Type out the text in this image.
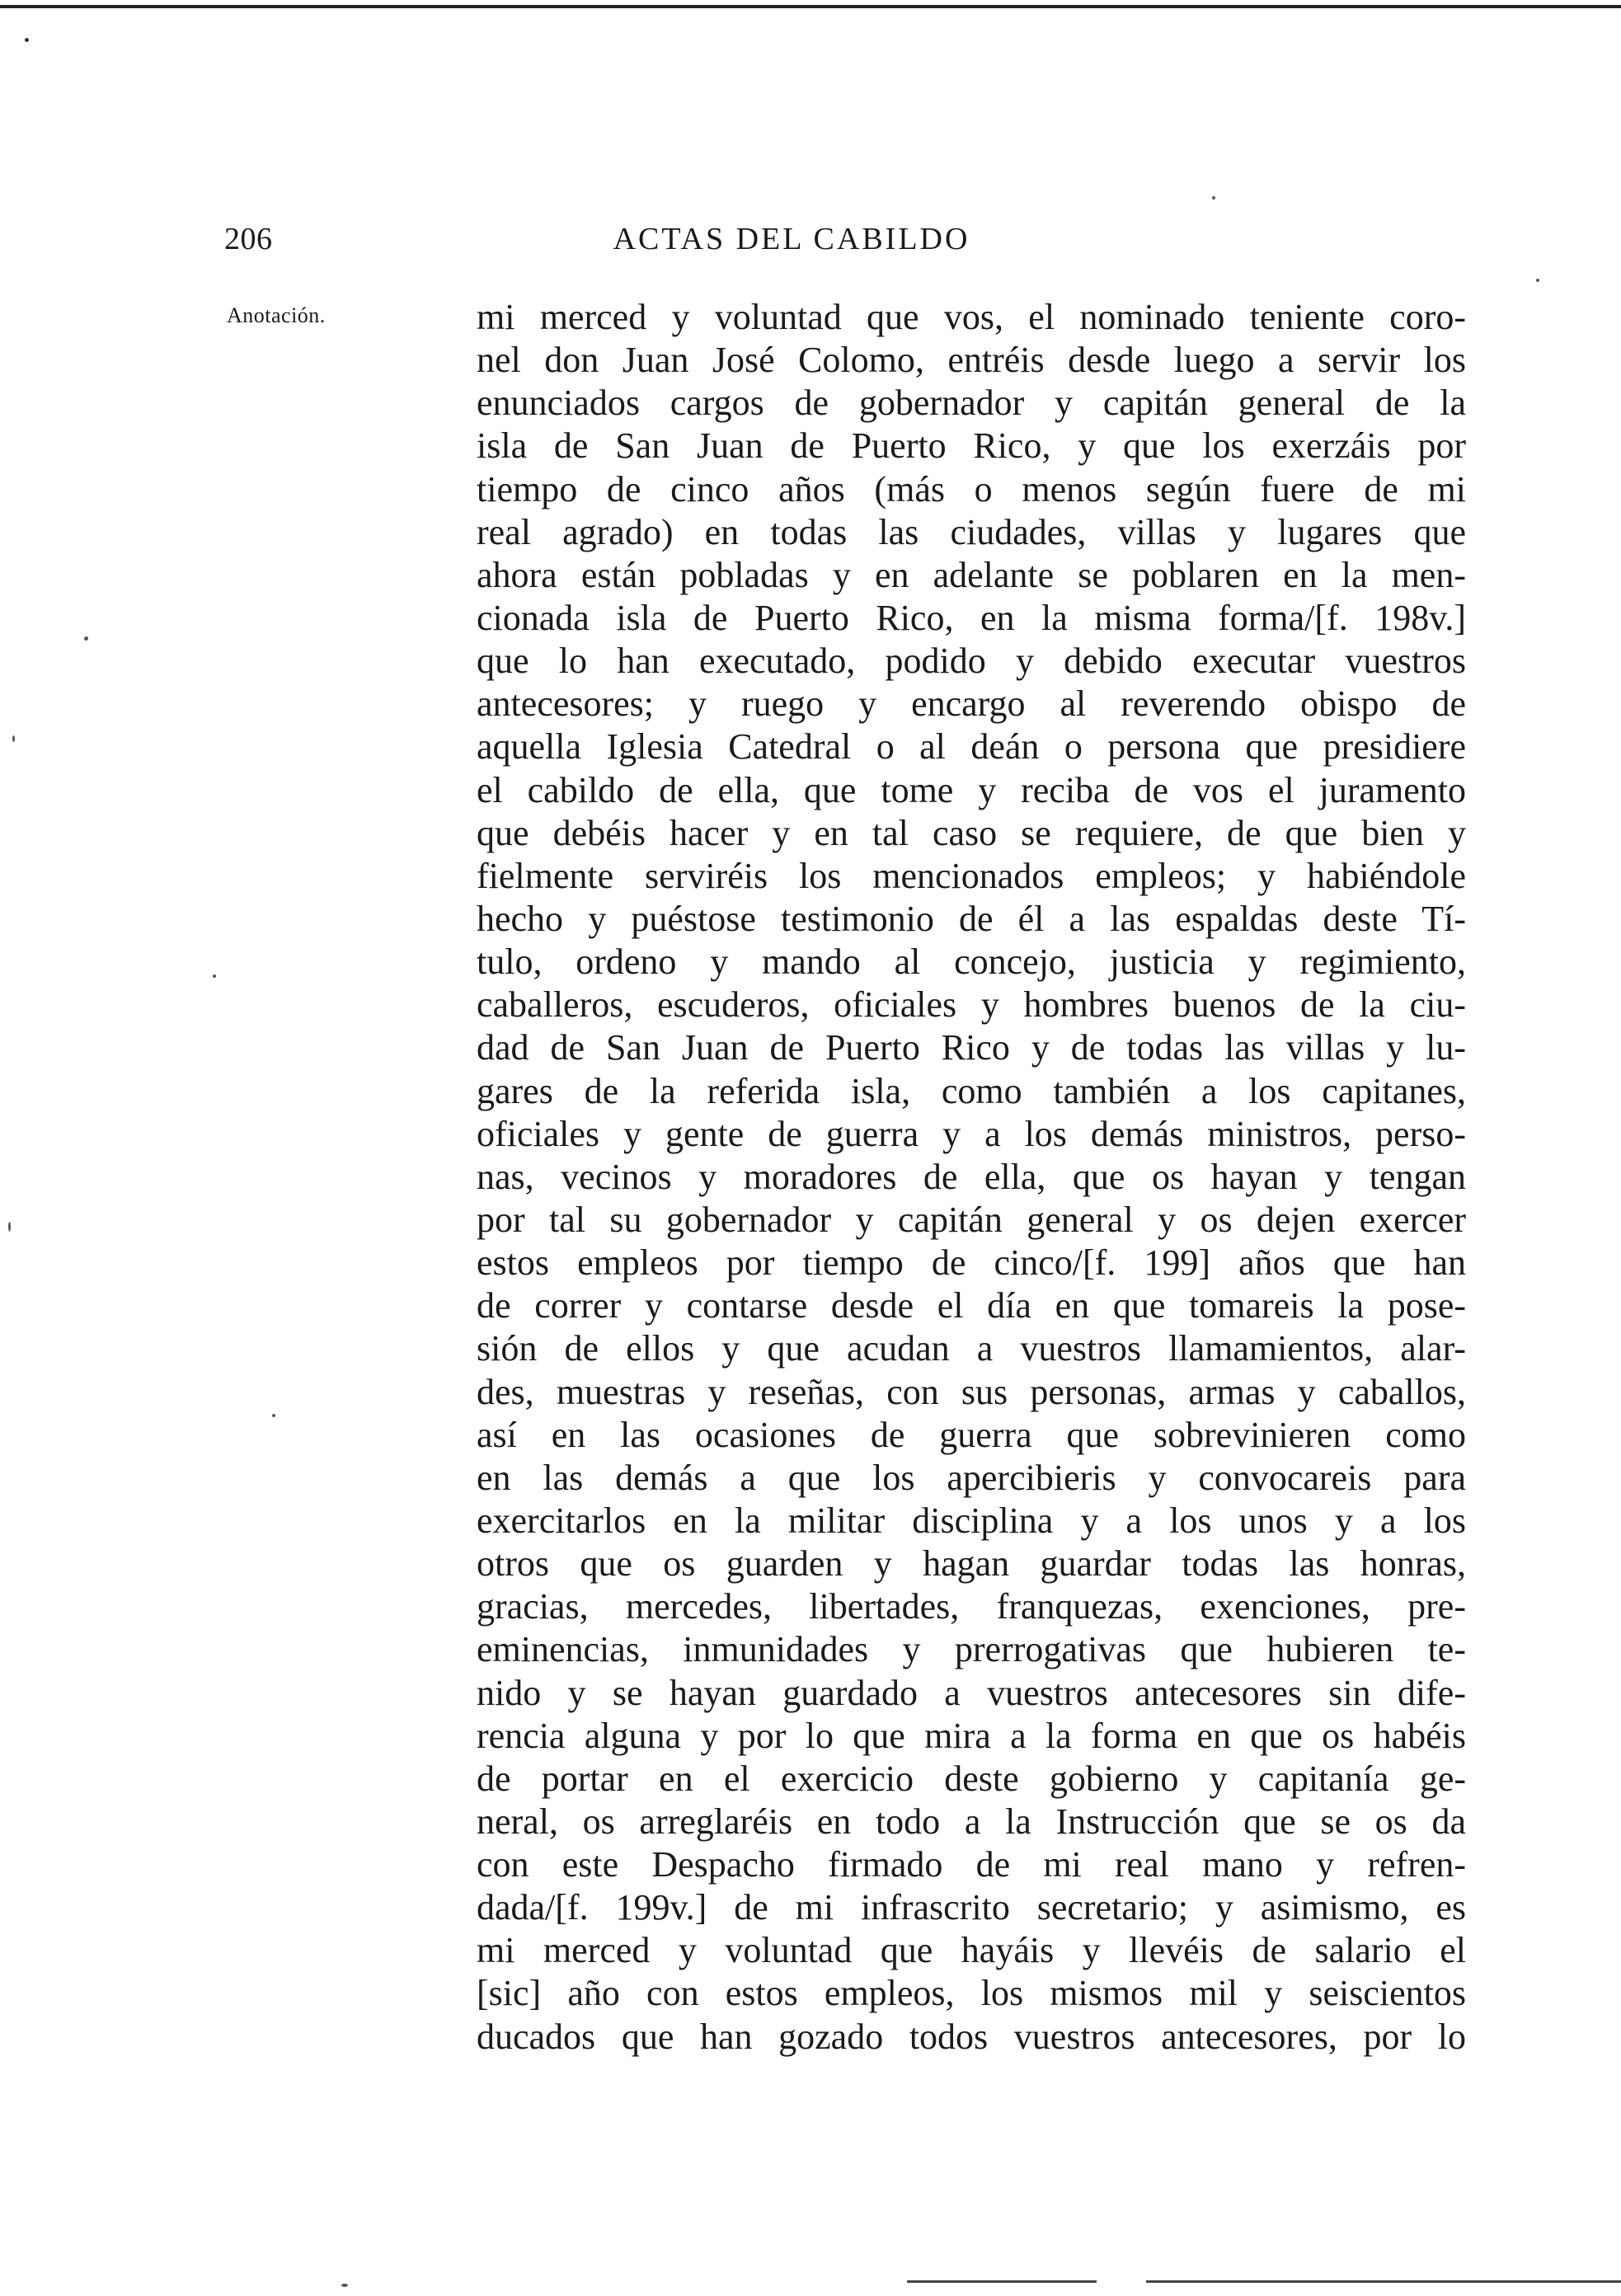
206	ACTAS DEL CABILDO
Anotación.	mi merced y voluntad que vos, el nominado teniente coro-
nel don Juan José Colomo, entréis desde luego a servir los
enunciados cargos de gobernador y capitán general de la
isla de San Juan de Puerto Rico, y que los exerzáis por
tiempo de cinco años (más o menos según fuere de mi
real agrado) en todas las ciudades, villas y lugares que
ahora están pobladas y en adelante se poblaren en la men-
cionada isla de Puerto Rico, en la misma forma/[f. 198v.]
que lo han executado, podido y debido executar vuestros
antecesores; y ruego y encargo al reverendo obispo de
aquella Iglesia Catedral o al deán o persona que presidiere
el cabildo de ella, que tome y reciba de vos el juramento
que debéis hacer y en tal caso se requiere, de que bien y
fielmente serviréis los mencionados empleos; y habiéndole
hecho y puéstose testimonio de él a las espaldas deste Tí-
tulo, ordeno y mando al concejo, justicia y regimiento,
caballeros, escuderos, oficiales y hombres buenos de la ciu-
dad de San Juan de Puerto Rico y de todas las villas y lu-
gares de la referida isla, como también a los capitanes,
oficiales y gente de guerra y a los demás ministros, perso-
nas, vecinos y moradores de ella, que os hayan y tengan
por tal su gobernador y capitán general y os dejen exercer
estos empleos por tiempo de cinco/[f. 199] años que han
de correr y contarse desde el día en que tomareis la pose-
sión de ellos y que acudan a vuestros llamamientos, alar-
des, muestras y reseñas, con sus personas, armas y caballos,
así en las ocasiones de guerra que sobrevinieren como
en las demás a que los apercibieris y convocareis para
exercitarlos en la militar disciplina y a los unos y a los
otros que os guarden y hagan guardar todas las honras,
gracias, mercedes, libertades, franquezas, exenciones, pre-
eminencias, inmunidades y prerrogativas que hubieren te-
nido y se hayan guardado a vuestros antecesores sin dife-
rencia alguna y por lo que mira a la forma en que os habéis
de portar en el exercicio deste gobierno y capitanía ge-
neral, os arreglaréis en todo a la Instrucción que se os da
con este Despacho firmado de mi real mano y refren-
dada/[f. 199v.] de mi infrascrito secretario; y asimismo, es
mi merced y voluntad que hayáis y llevéis de salario el
[sic] año con estos empleos, los mismos mil y seiscientos
ducados que han gozado todos vuestros antecesores, por lo
